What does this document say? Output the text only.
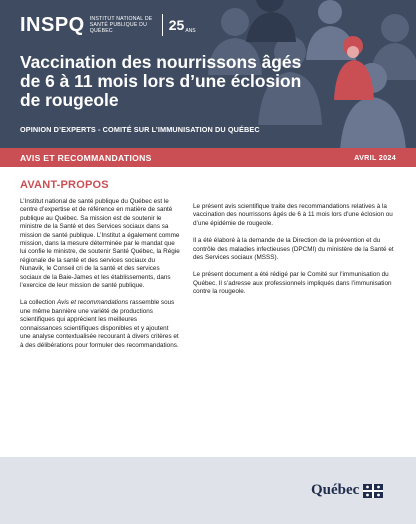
INSPQ INSTITUT NATIONAL DE SANTÉ PUBLIQUE DU QUÉBEC	25 ANS
Vaccination des nourrissons âgés de 6 à 11 mois lors d’une éclosion de rougeole

OPINION D’EXPERTS - COMITÉ SUR L’IMMUNISATION DU QUÉBEC

AVIS ET RECOMMANDATIONS	AVRIL 2024
AVANT-PROPOS

L’Institut national de santé publique du Québec est le centre d’expertise et de référence en matière de santé publique au Québec. Sa mission est de soutenir le ministre de la Santé et des Services sociaux dans sa mission de santé publique. L’Institut a également comme mission, dans la mesure déterminée par le mandat que lui confie le ministre, de soutenir Santé Québec, la Régie régionale de la santé et des services sociaux du Nunavik, le Conseil cri de la santé et des services sociaux de la Baie-James et les établissements, dans l’exercice de leur mission de santé publique.

La collection Avis et recommandations rassemble sous une même bannière une variété de productions scientifiques qui apprécient les meilleures connaissances scientifiques disponibles et y ajoutent une analyse contextualisée recourant à divers critères et à des délibérations pour formuler des recommandations.

Le présent avis scientifique traite des recommandations relatives à la vaccination des nourrissons âgés de 6 à 11 mois lors d’une éclosion ou d’une épidémie de rougeole.

Il a été élaboré à la demande de la Direction de la prévention et du contrôle des maladies infectieuses (DPCMI) du ministère de la Santé et des Services sociaux (MSSS).

Le présent document a été rédigé par le Comité sur l’immunisation du Québec. Il s’adresse aux professionnels impliqués dans l’immunisation contre la rougeole.

Québec
